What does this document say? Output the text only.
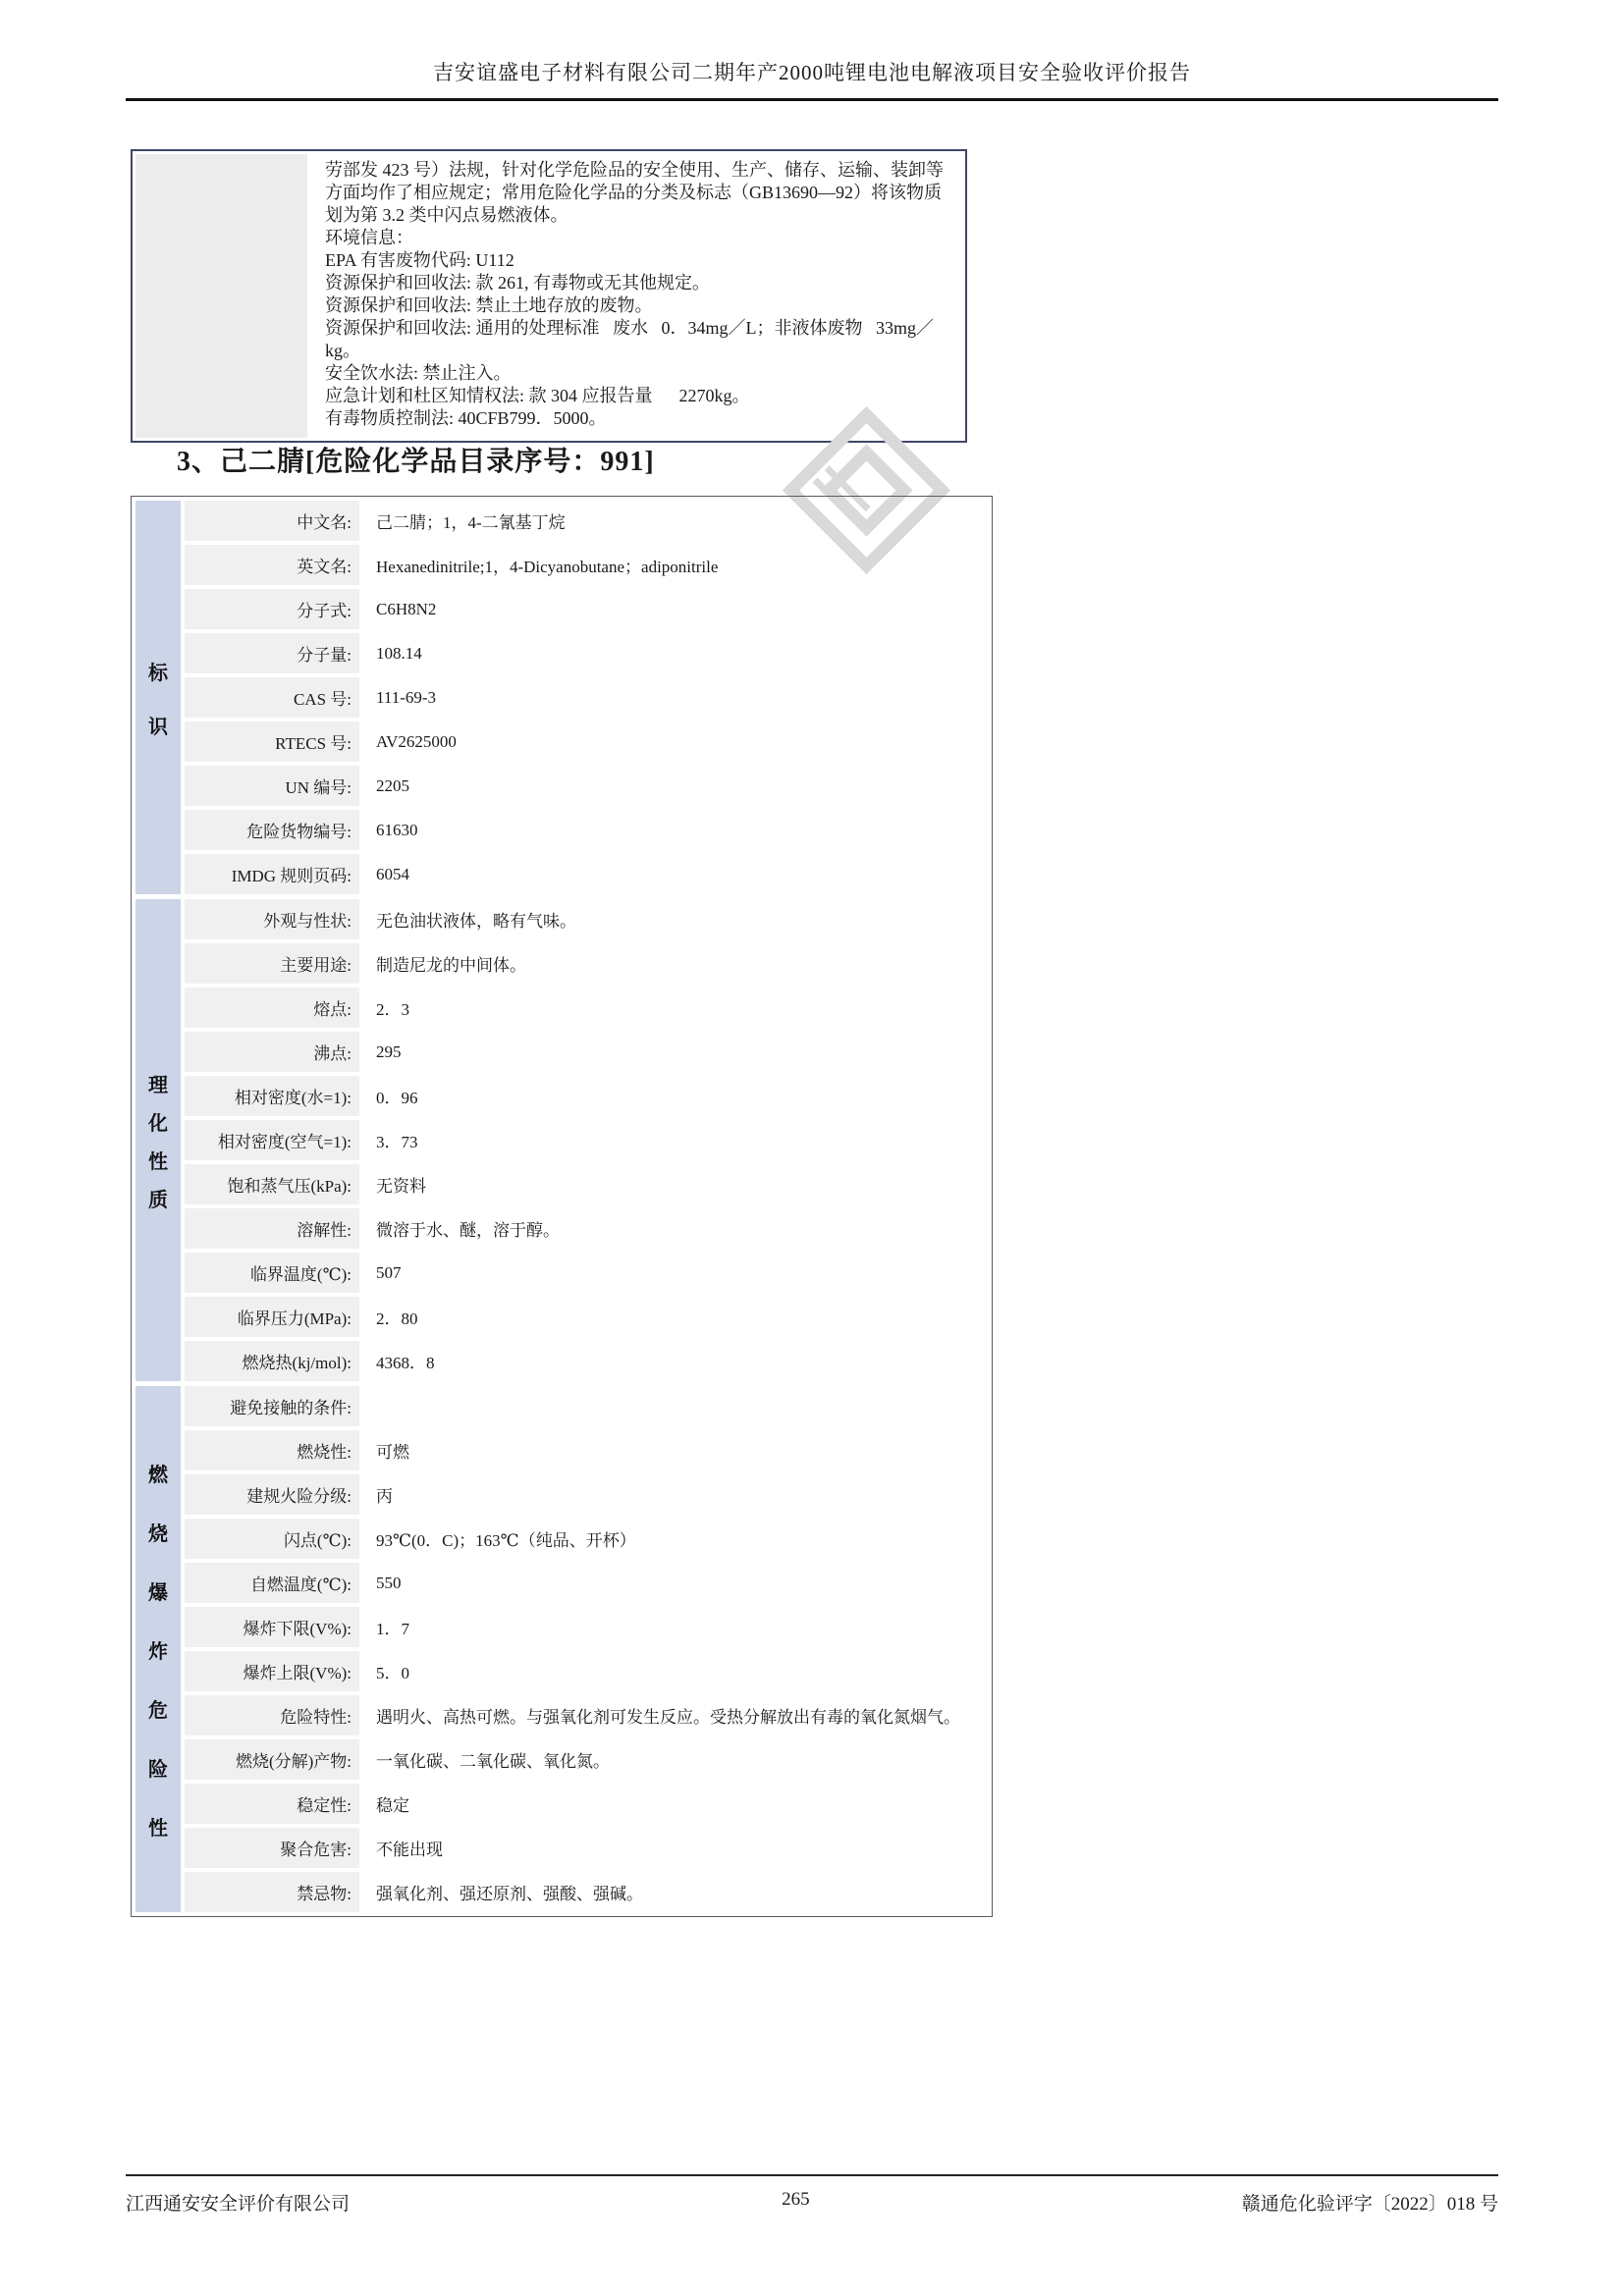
吉安谊盛电子材料有限公司二期年产2000吨锂电池电解液项目安全验收评价报告
劳部发 423 号）法规，针对化学危险品的安全使用、生产、储存、运输、装卸等方面均作了相应规定；常用危险化学品的分类及标志（GB13690—92）将该物质划为第 3.2 类中闪点易燃液体。
环境信息：
EPA 有害废物代码: U112
资源保护和回收法: 款 261, 有毒物或无其他规定。
资源保护和回收法: 禁止土地存放的废物。
资源保护和回收法: 通用的处理标准   废水   0．34mg／L；非液体废物   33mg／kg。
安全饮水法: 禁止注入。
应急计划和杜区知情权法: 款 304 应报告量      2270kg。
有毒物质控制法: 40CFB799．5000。
3、己二腈[危险化学品目录序号：991]
标
识
中文名:	己二腈；1，4-二氰基丁烷
英文名:	Hexanedinitrile;1，4-Dicyanobutane；adiponitrile
分子式:	C6H8N2
分子量:	108.14
CAS 号:	111-69-3
RTECS 号:	AV2625000
UN 编号:	2205
危险货物编号:	61630
IMDG 规则页码:	6054
理
化
性
质
外观与性状:	无色油状液体，略有气味。
主要用途:	制造尼龙的中间体。
熔点:	2．3
沸点:	295
相对密度(水=1):	0．96
相对密度(空气=1):	3．73
饱和蒸气压(kPa):	无资料
溶解性:	微溶于水、醚，溶于醇。
临界温度(℃):	507
临界压力(MPa):	2．80
燃烧热(kj/mol):	4368．8
燃
烧
爆
炸
危
险
性
避免接触的条件:
燃烧性:	可燃
建规火险分级:	丙
闪点(℃):	93℃(0．C)；163℃（纯品、开杯）
自燃温度(℃):	550
爆炸下限(V%):	1．7
爆炸上限(V%):	5．0
危险特性:	遇明火、高热可燃。与强氧化剂可发生反应。受热分解放出有毒的氧化氮烟气。
燃烧(分解)产物:	一氧化碳、二氧化碳、氧化氮。
稳定性:	稳定
聚合危害:	不能出现
禁忌物:	强氧化剂、强还原剂、强酸、强碱。
江西通安安全评价有限公司	265	赣通危化验评字〔2022〕018 号
